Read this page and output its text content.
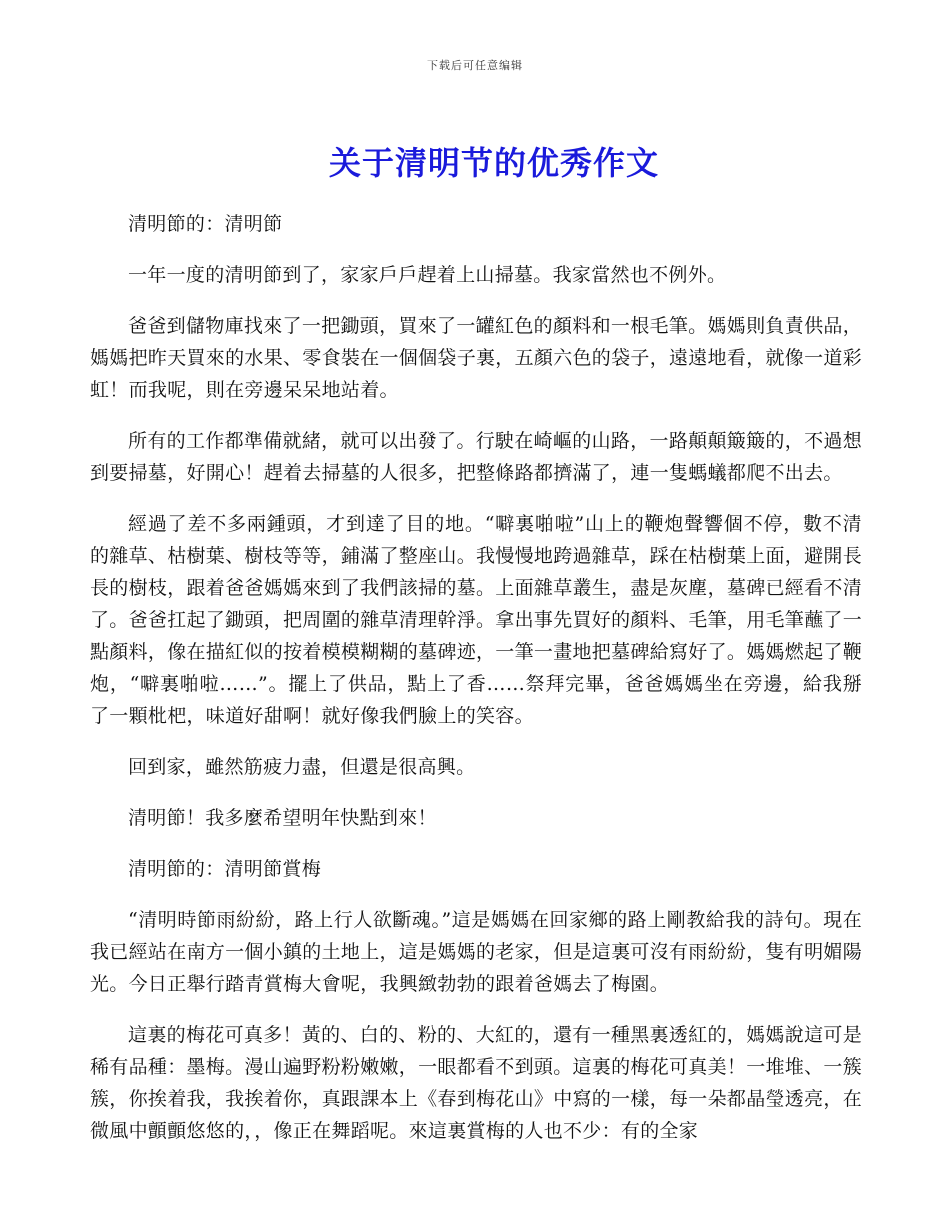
下载后可任意编辑
关于清明节的优秀作文

清明節的：清明節

一年一度的清明節到了，家家戶戶趕着上山掃墓。我家當然也不例外。

爸爸到儲物庫找來了一把鋤頭，買來了一罐紅色的顏料和一根毛筆。媽媽則負責供品，媽媽把昨天買來的水果、零食裝在一個個袋子裏，五顏六色的袋子，遠遠地看，就像一道彩虹！而我呢，則在旁邊呆呆地站着。

所有的工作都準備就緒，就可以出發了。行駛在崎嶇的山路，一路顛顛簸簸的，不過想到要掃墓，好開心！趕着去掃墓的人很多，把整條路都擠滿了，連一隻螞蟻都爬不出去。

經過了差不多兩鍾頭，才到達了目的地。“噼裏啪啦”山上的鞭炮聲響個不停，數不清的雜草、枯樹葉、樹枝等等，鋪滿了整座山。我慢慢地跨過雜草，踩在枯樹葉上面，避開長長的樹枝，跟着爸爸媽媽來到了我們該掃的墓。上面雜草叢生，盡是灰塵，墓碑已經看不清了。爸爸扛起了鋤頭，把周圍的雜草清理幹淨。拿出事先買好的顏料、毛筆，用毛筆蘸了一點顏料，像在描紅似的按着模模糊糊的墓碑迹，一筆一畫地把墓碑給寫好了。媽媽燃起了鞭炮，“噼裏啪啦……”。擺上了供品，點上了香……祭拜完畢，爸爸媽媽坐在旁邊，給我掰了一顆枇杷，味道好甜啊！就好像我們臉上的笑容。

回到家，雖然筋疲力盡，但還是很高興。

清明節！我多麼希望明年快點到來！

清明節的：清明節賞梅

“清明時節雨紛紛，路上行人欲斷魂。”這是媽媽在回家鄉的路上剛教給我的詩句。現在我已經站在南方一個小鎮的土地上，這是媽媽的老家，但是這裏可沒有雨紛紛，隻有明媚陽光。今日正舉行踏青賞梅大會呢，我興緻勃勃的跟着爸媽去了梅園。

這裏的梅花可真多！黃的、白的、粉的、大紅的，還有一種黑裏透紅的，媽媽說這可是稀有品種：墨梅。漫山遍野粉粉嫩嫩，一眼都看不到頭。這裏的梅花可真美！一堆堆、一簇簇，你挨着我，我挨着你，真跟課本上《春到梅花山》中寫的一樣，每一朵都晶瑩透亮，在微風中顫顫悠悠的，，像正在舞蹈呢。來這裏賞梅的人也不少：有的全家
